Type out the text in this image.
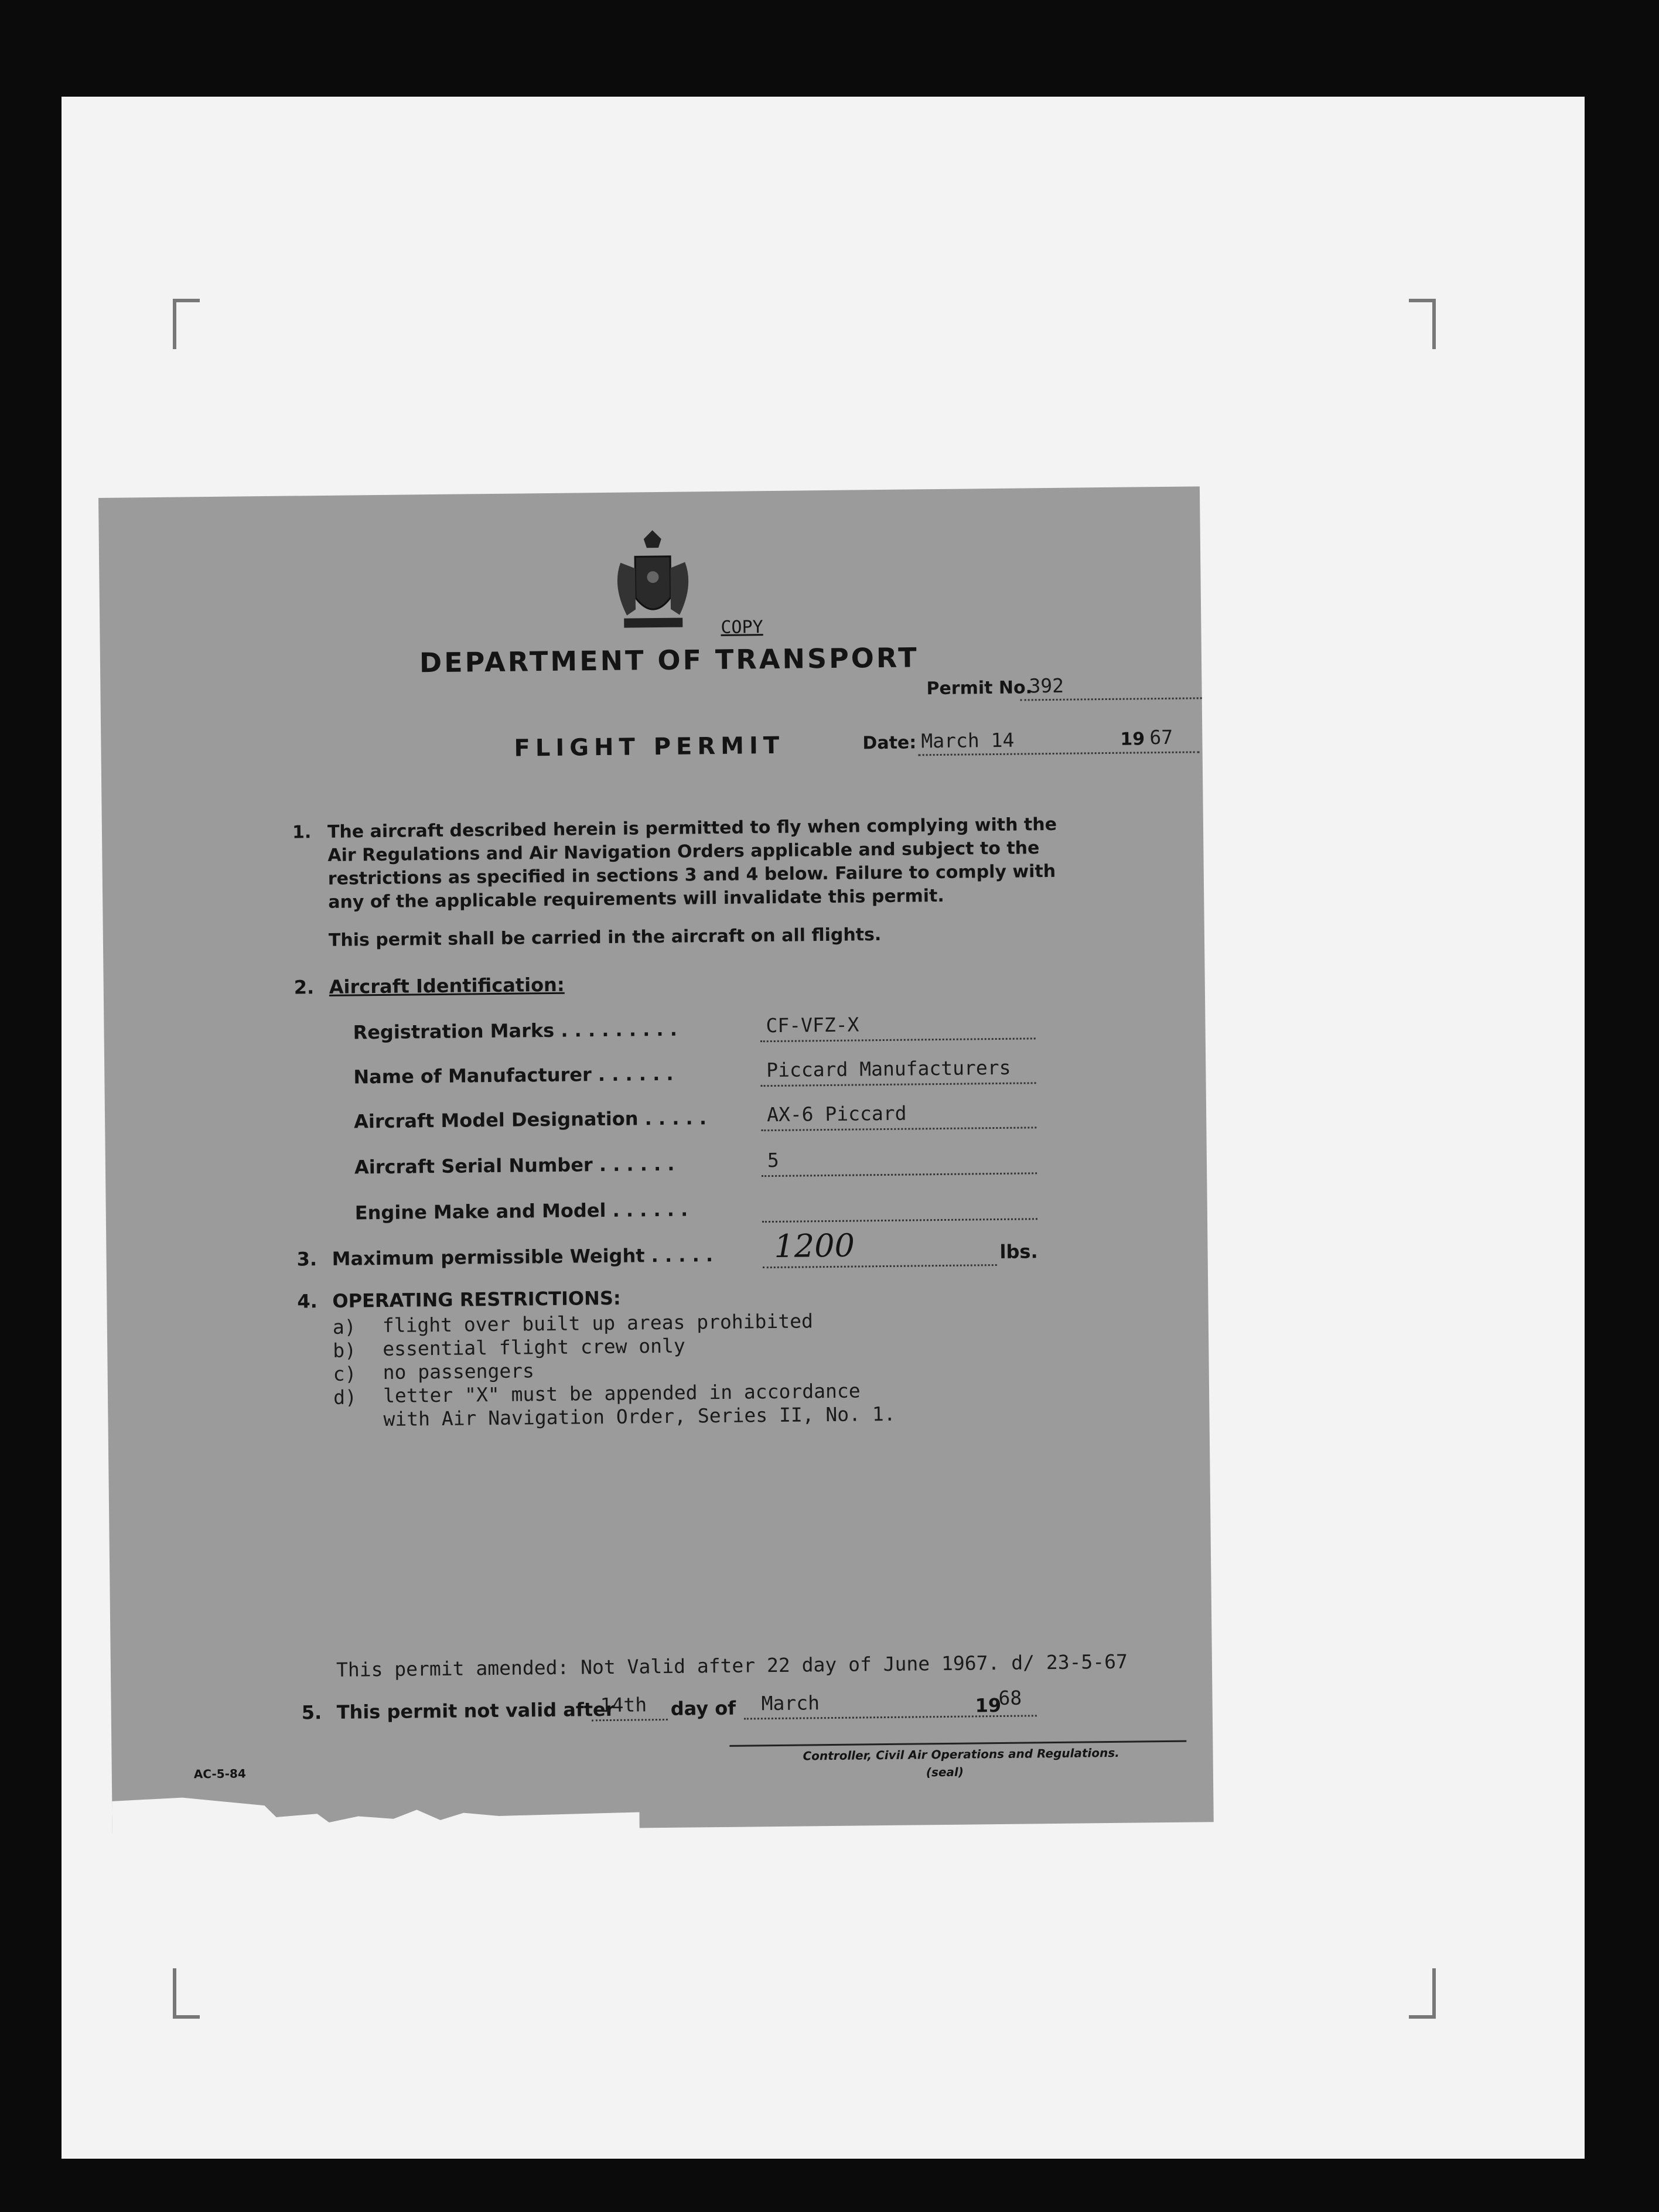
COPY
DEPARTMENT OF TRANSPORT
Permit No.
392
FLIGHT PERMIT	Date: March 14	19 67
1. The aircraft described herein is permitted to fly when complying with the
Air Regulations and Air Navigation Orders applicable and subject to the
restrictions as specified in sections 3 and 4 below. Failure to comply with
any of the applicable requirements will invalidate this permit.
This permit shall be carried in the aircraft on all flights.
2. Aircraft Identification:
Registration Marks . . . . . . . . .	CF-VFZ-X
Name of Manufacturer . . . . . .	Piccard Manufacturers
Aircraft Model Designation . . . . .	AX-6 Piccard
Aircraft Serial Number . . . . . .	5
Engine Make and Model . . . . . .
3. Maximum permissible Weight . . . . . 1200	lbs.
4. OPERATING RESTRICTIONS:
a) flight over built up areas prohibited
b) essential flight crew only
c) no passengers
d) letter "X" must be appended in accordance
with Air Navigation Order, Series II, No. 1.
This permit amended: Not Valid after 22 day of June 1967. d/ 23-5-67
5. This permit not valid after
14th day of March	19
68
Controller, Civil Air Operations and Regulations.
(seal)
AC-5-84
